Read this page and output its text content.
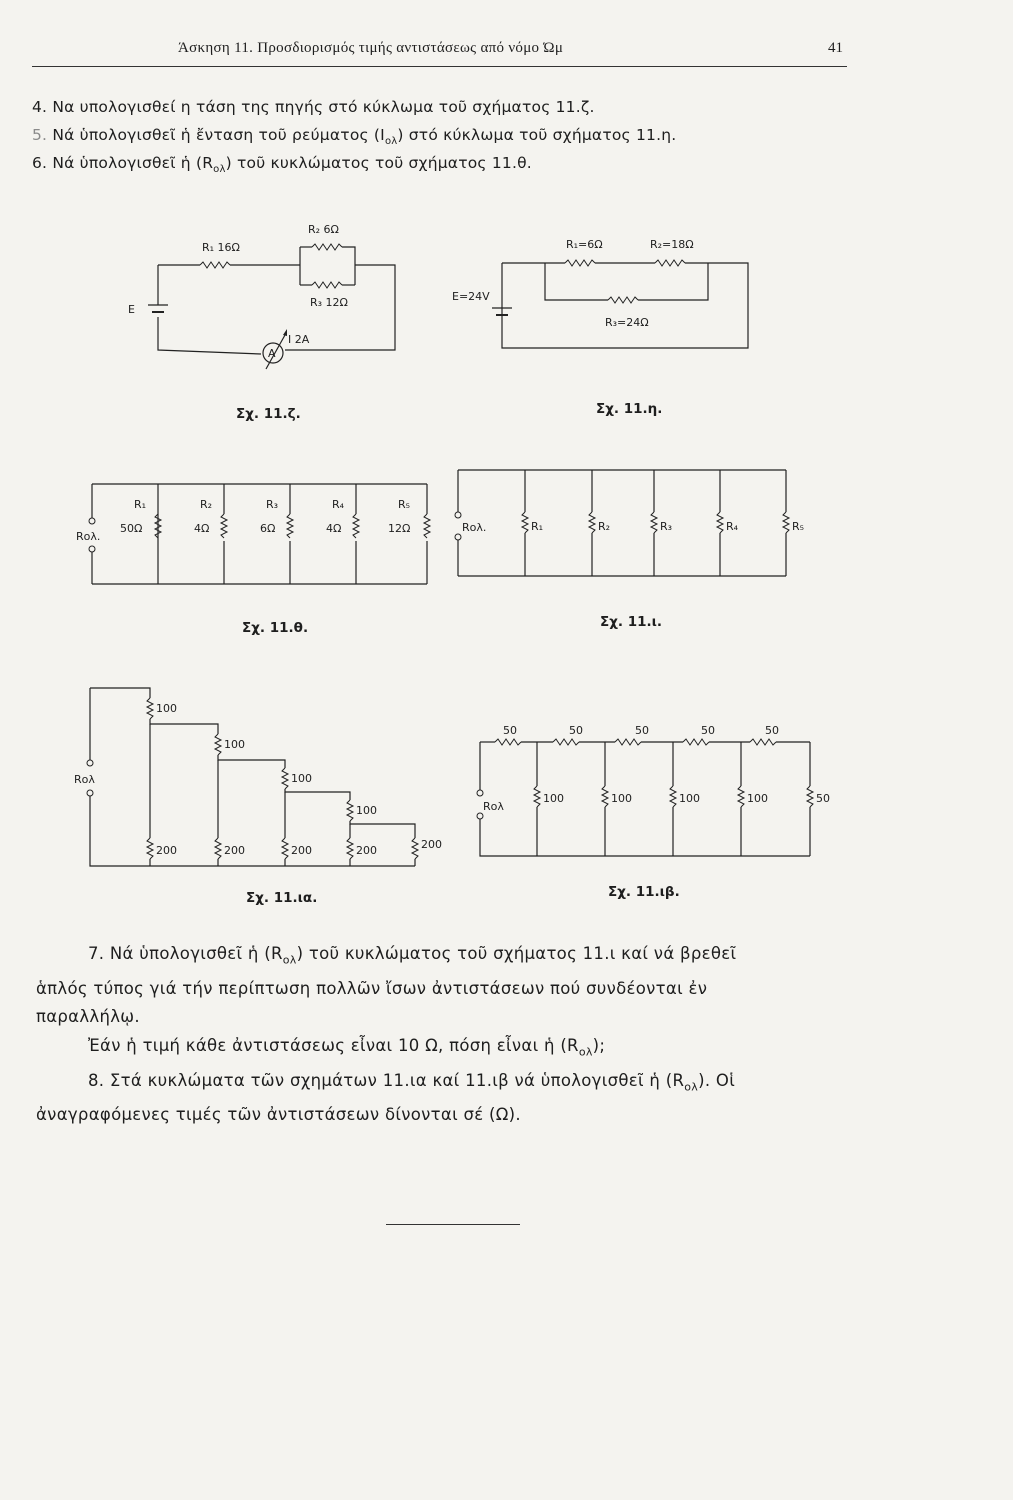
Άσκηση 11. Προσδιορισμός τιμής αντιστάσεως από νόμο Ώμ	41
4. Να υπολογισθεί η τάση της πηγής στό κύκλωμα τοῦ σχήματος 11.ζ.
5. Νά ὑπολογισθεῖ ἡ ἔνταση τοῦ ρεύματος $(I_{o\lambda})$ στό κύκλωμα τοῦ σχήματος 11.η.
6. Νά ὑπολογισθεῖ ἡ $(R_{o\lambda})$ τοῦ κυκλώματος τοῦ σχήματος 11.θ.
R₁ 16Ω
R₂ 6Ω
R₃ 12Ω
E
A
I 2A
Σχ. 11.ζ.
R₁=6Ω	R₂=18Ω
R₃=24Ω
E=24V
Σχ. 11.η.
Rολ.
R₁
50Ω
R₂
4Ω
R₃
6Ω
R₄
4Ω
R₅
12Ω
Σχ. 11.θ.
Rολ.	R₁	R₂	R₃	R₄	R₅
Σχ. 11.ι.
Rολ
100
100
100
100
200	200	200	200	200
Σχ. 11.ια.
Rολ
50	50	50	50	50
100	100	100	100	50
Σχ. 11.ιβ.

7. Νά ὑπολογισθεῖ ἡ $(R_{o\lambda})$ τοῦ κυκλώματος τοῦ σχήματος 11.ι καί νά βρεθεῖ

ἁπλός τύπος γιά τήν περίπτωση πολλῶν ἴσων ἀντιστάσεων πού συνδέονται ἐν

παραλλήλῳ.

Ἐάν ἡ τιμή κάθε ἀντιστάσεως εἶναι 10 Ω, πόση εἶναι ἡ $(R_{o\lambda})$;

8. Στά κυκλώματα τῶν σχημάτων 11.ια καί 11.ιβ νά ὑπολογισθεῖ ἡ $(R_{o\lambda})$. Οἱ

ἀναγραφόμενες τιμές τῶν ἀντιστάσεων δίνονται σέ (Ω).
